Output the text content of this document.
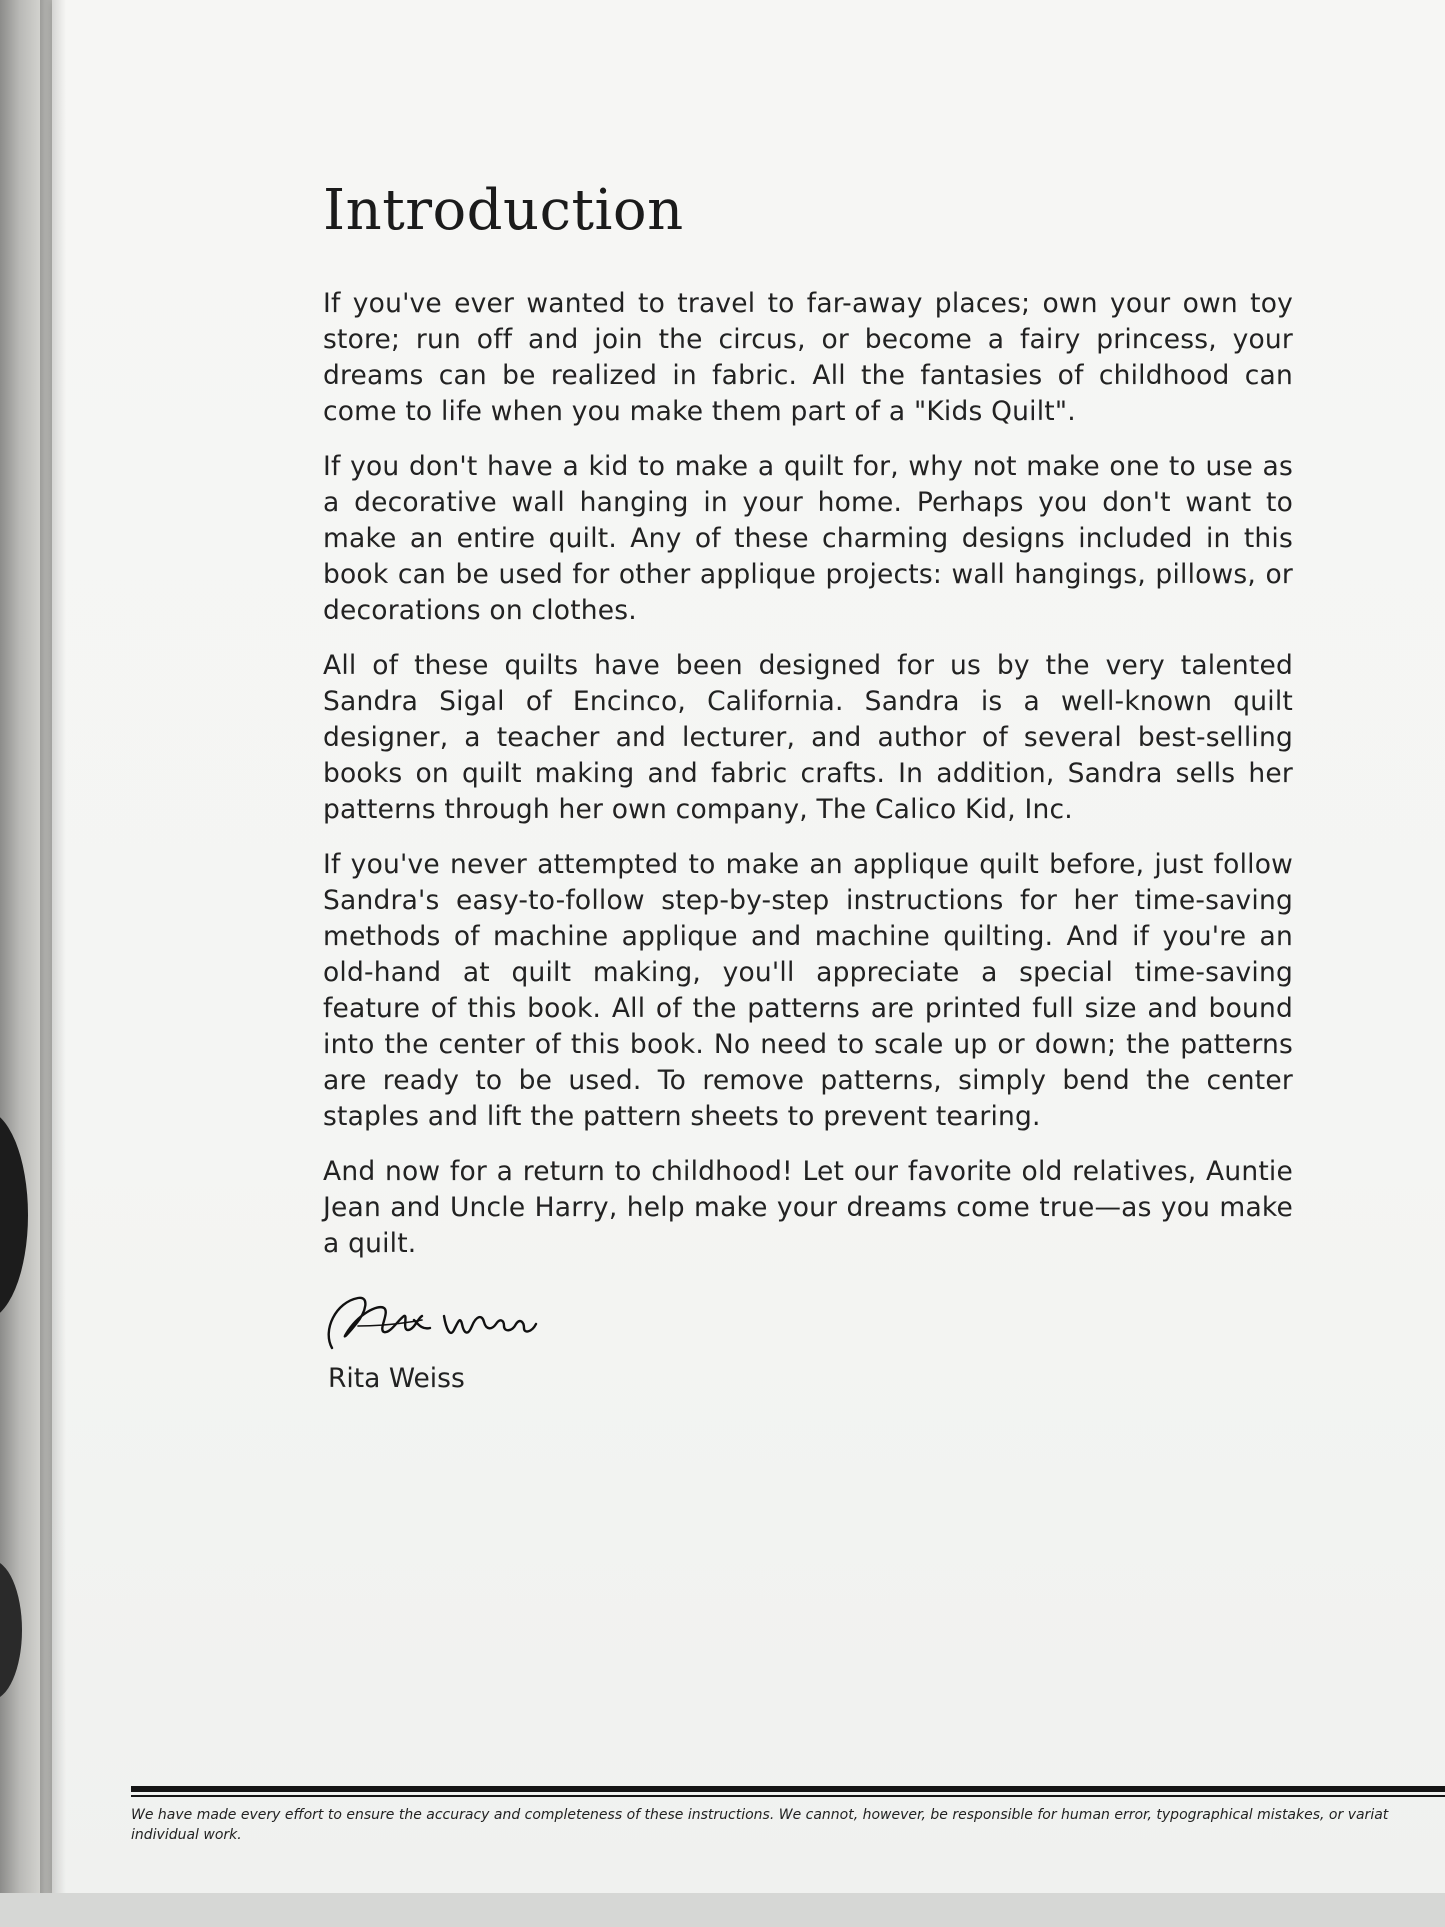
Introduction

If you've ever wanted to travel to far-away places; own your own toy store; run off and join the circus, or become a fairy princess, your dreams can be realized in fabric. All the fantasies of childhood can come to life when you make them part of a "Kids Quilt".

If you don't have a kid to make a quilt for, why not make one to use as a decorative wall hanging in your home. Perhaps you don't want to make an entire quilt. Any of these charming designs included in this book can be used for other applique projects: wall hangings, pillows, or decorations on clothes.

All of these quilts have been designed for us by the very talented Sandra Sigal of Encinco, California. Sandra is a well-known quilt designer, a teacher and lecturer, and author of several best-selling books on quilt making and fabric crafts. In addition, Sandra sells her patterns through her own company, The Calico Kid, Inc.

If you've never attempted to make an applique quilt before, just follow Sandra's easy-to-follow step-by-step instructions for her time-saving methods of machine applique and machine quilting. And if you're an old-hand at quilt making, you'll appreciate a special time-saving feature of this book. All of the patterns are printed full size and bound into the center of this book. No need to scale up or down; the patterns are ready to be used. To remove patterns, simply bend the center staples and lift the pattern sheets to prevent tearing.

And now for a return to childhood! Let our favorite old relatives, Auntie Jean and Uncle Harry, help make your dreams come true—as you make a quilt.

Rita Weiss
We have made every effort to ensure the accuracy and completeness of these instructions. We cannot, however, be responsible for human error, typographical mistakes, or variat
individual work.
